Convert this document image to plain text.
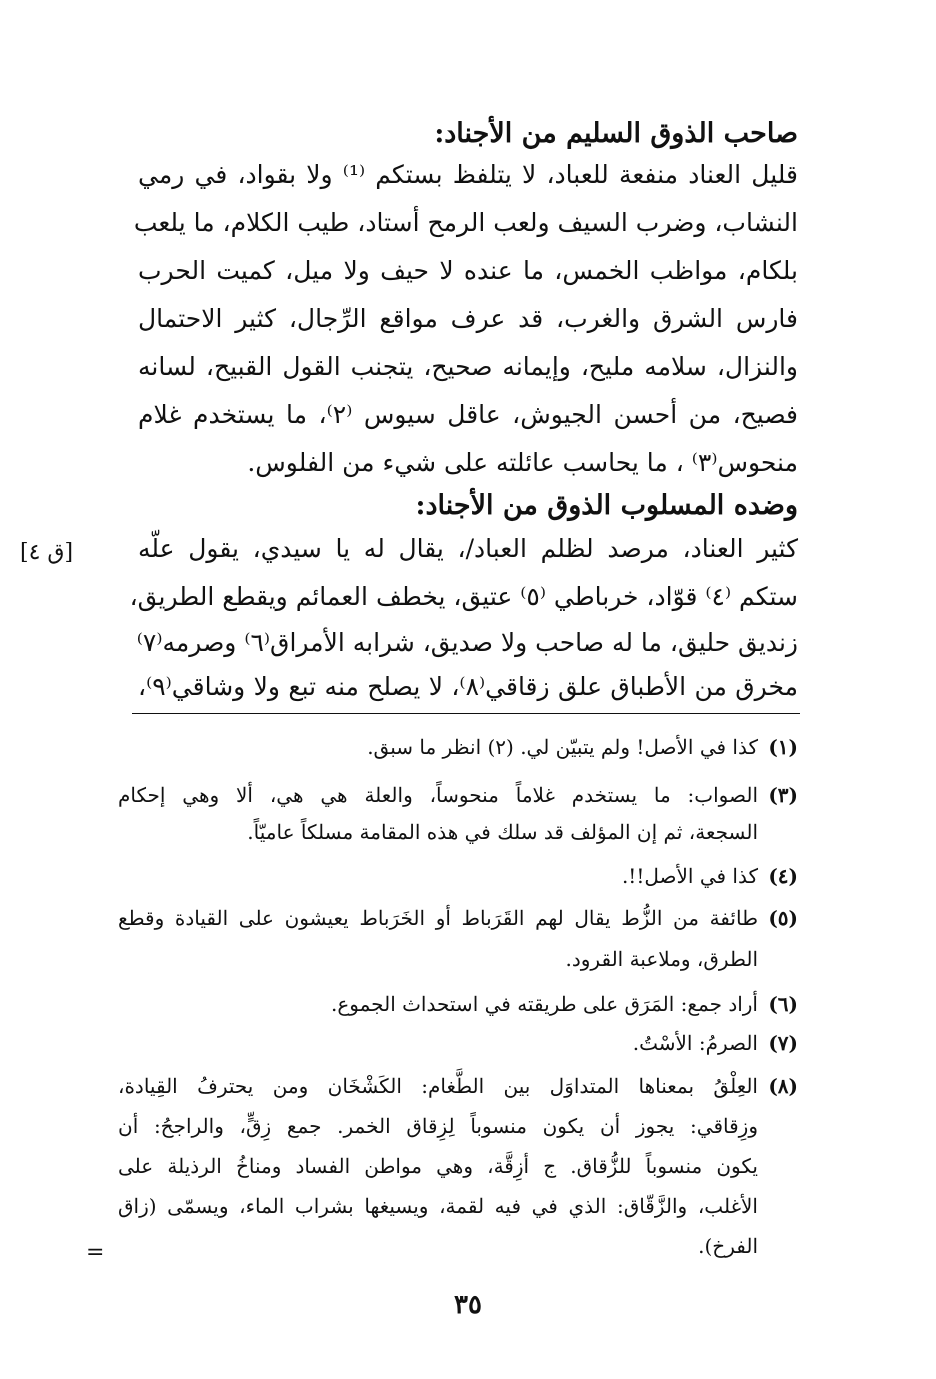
صاحب الذوق السليم من الأجناد:
قليل العناد منفعة للعباد، لا يتلفظ بستكم ⁽¹⁾ ولا بقواد، في رمي
النشاب، وضرب السيف ولعب الرمح أستاد، طيب الكلام، ما يلعب
بلكام، مواظب الخمس، ما عنده لا حيف ولا ميل، كميت الحرب
فارس الشرق والغرب، قد عرف مواقع الرِّجال، كثير الاحتمال
والنزال، سلامه مليح، وإيمانه صحيح، يتجنب القول القبيح، لسانه
فصيح، من أحسن الجيوش، عاقل سيوس ⁽٢⁾، ما يستخدم غلام
منحوس⁽٣⁾ ، ما يحاسب عائلته على شيء من الفلوس.
وضده المسلوب الذوق من الأجناد:
كثير العناد، مرصد لظلم العباد/، يقال له يا سيدي، يقول علّه
ستكم ⁽٤⁾ قوّاد، خرباطي ⁽٥⁾ عتيق، يخطف العمائم ويقطع الطريق،
زنديق حليق، ما له صاحب ولا صديق، شرابه الأمراق⁽٦⁾ وصرمه⁽٧⁾
مخرق من الأطباق علق زقاقي⁽٨⁾، لا يصلح منه تبع ولا وشاقي⁽٩⁾،
[ق ٤]
(١)كذا في الأصل! ولم يتبيّن لي. (٢) انظر ما سبق.
(٣)الصواب: ما يستخدم غلاماً منحوساً، والعلة هي هي، ألا وهي إحكام
السجعة، ثم إن المؤلف قد سلك في هذه المقامة مسلكاً عاميّاً.
(٤)كذا في الأصل!!.
(٥)طائفة من الزُّط يقال لهم القَرَباط أو الخَرَباط يعيشون على القيادة وقطع
الطرق، وملاعبة القرود.
(٦)أراد جمع: المَرَق على طريقته في استحداث الجموع.
(٧)الصرمُ: الأسْتُ.
(٨)العِلْقُ بمعناها المتداوَل بين الطَّغام: الكَشْخَان ومن يحترفُ القِيادة،
وزِقاقي: يجوز أن يكون منسوباً لِزِقاق الخمر. جمع زِقٍّ، والراجحُ: أن
يكون منسوباً للزُّقاق. ج أزِقَّة، وهي مواطن الفساد ومناخُ الرذيلة على
الأغلب، والزَّقّاق: الذي في فيه لقمة، ويسيغها بشراب الماء، ويسمّى (زاق
الفرخ).
=
٣٥
